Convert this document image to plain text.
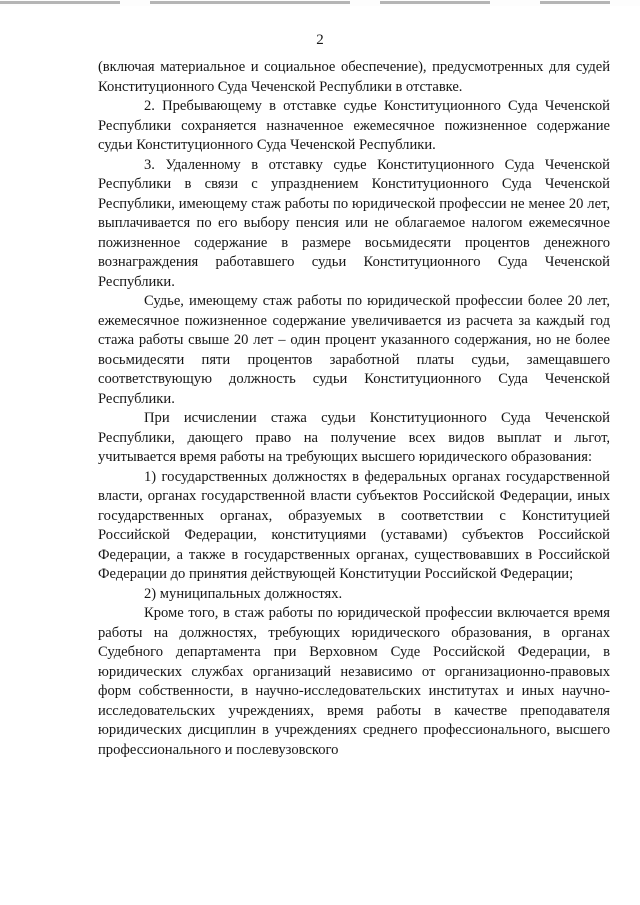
2

(включая материальное и социальное обеспечение), предусмотренных для судей Конституционного Суда Чеченской Республики в отставке.

2. Пребывающему в отставке судье Конституционного Суда Чеченской Республики сохраняется назначенное ежемесячное пожизненное содержание судьи Конституционного Суда Чеченской Республики.

3. Удаленному в отставку судье Конституционного Суда Чеченской Республики в связи с упразднением Конституционного Суда Чеченской Республики, имеющему стаж работы по юридической профессии не менее 20 лет, выплачивается по его выбору пенсия или не облагаемое налогом ежемесячное пожизненное содержание в размере восьмидесяти процентов денежного вознаграждения работавшего судьи Конституционного Суда Чеченской Республики.

Судье, имеющему стаж работы по юридической профессии более 20 лет, ежемесячное пожизненное содержание увеличивается из расчета за каждый год стажа работы свыше 20 лет – один процент указанного содержания, но не более восьмидесяти пяти процентов заработной платы судьи, замещавшего соответствующую должность судьи Конституционного Суда Чеченской Республики.

При исчислении стажа судьи Конституционного Суда Чеченской Республики, дающего право на получение всех видов выплат и льгот, учитывается время работы на требующих высшего юридического образования:

1) государственных должностях в федеральных органах государственной власти, органах государственной власти субъектов Российской Федерации, иных государственных органах, образуемых в соответствии с Конституцией Российской Федерации, конституциями (уставами) субъектов Российской Федерации, а также в государственных органах, существовавших в Российской Федерации до принятия действующей Конституции Российской Федерации;

2) муниципальных должностях.

Кроме того, в стаж работы по юридической профессии включается время работы на должностях, требующих юридического образования, в органах Судебного департамента при Верховном Суде Российской Федерации, в юридических службах организаций независимо от организационно-правовых форм собственности, в научно-исследовательских институтах и иных научно-исследовательских учреждениях, время работы в качестве преподавателя юридических дисциплин в учреждениях среднего профессионального, высшего профессионального и послевузовского
